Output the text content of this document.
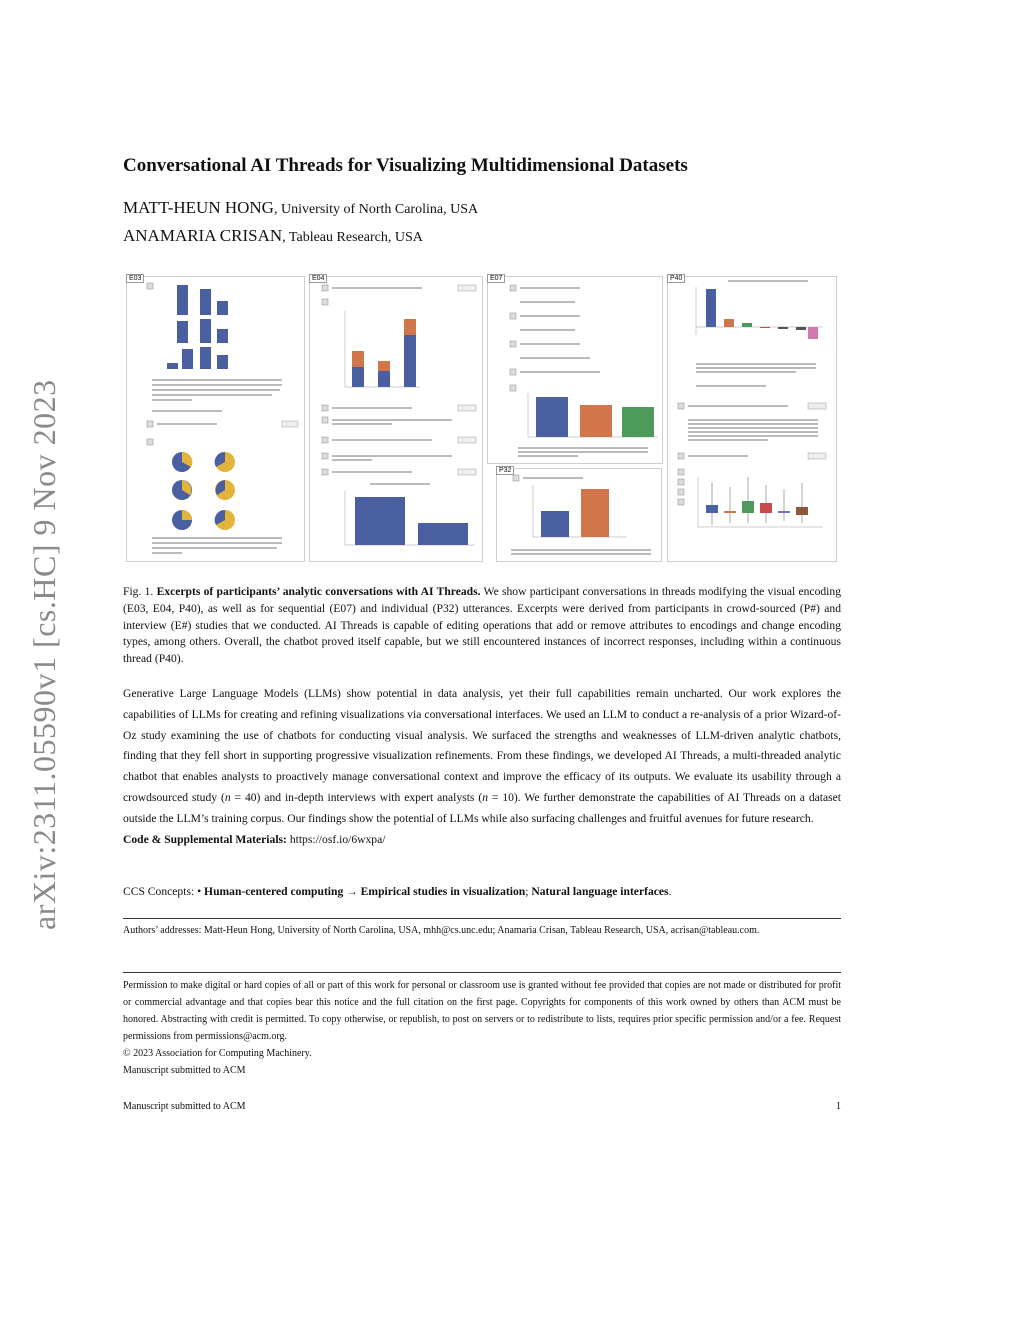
arXiv:2311.05590v1 [cs.HC] 9 Nov 2023
Conversational AI Threads for Visualizing Multidimensional Datasets
MATT-HEUN HONG, University of North Carolina, USA
ANAMARIA CRISAN, Tableau Research, USA
E03	E04	E07
P32
P40
Fig. 1. Excerpts of participants’ analytic conversations with AI Threads. We show participant conversations in threads modifying the visual encoding (E03, E04, P40), as well as for sequential (E07) and individual (P32) utterances. Excerpts were derived from participants in crowd-sourced (P#) and interview (E#) studies that we conducted. AI Threads is capable of editing operations that add or remove attributes to encodings and change encoding types, among others. Overall, the chatbot proved itself capable, but we still encountered instances of incorrect responses, including within a continuous thread (P40).
Generative Large Language Models (LLMs) show potential in data analysis, yet their full capabilities remain uncharted. Our work explores the capabilities of LLMs for creating and refining visualizations via conversational interfaces. We used an LLM to conduct a re-analysis of a prior Wizard-of-Oz study examining the use of chatbots for conducting visual analysis. We surfaced the strengths and weaknesses of LLM-driven analytic chatbots, finding that they fell short in supporting progressive visualization refinements. From these findings, we developed AI Threads, a multi-threaded analytic chatbot that enables analysts to proactively manage conversational context and improve the efficacy of its outputs. We evaluate its usability through a crowdsourced study (n = 40) and in-depth interviews with expert analysts (n = 10). We further demonstrate the capabilities of AI Threads on a dataset outside the LLM’s training corpus. Our findings show the potential of LLMs while also surfacing challenges and fruitful avenues for future research.
Code & Supplemental Materials: https://osf.io/6wxpa/
CCS Concepts: • Human-centered computing → Empirical studies in visualization; Natural language interfaces.
Authors’ addresses: Matt-Heun Hong, University of North Carolina, USA, mhh@cs.unc.edu; Anamaria Crisan, Tableau Research, USA, acrisan@tableau.com.
Permission to make digital or hard copies of all or part of this work for personal or classroom use is granted without fee provided that copies are not made or distributed for profit or commercial advantage and that copies bear this notice and the full citation on the first page. Copyrights for components of this work owned by others than ACM must be honored. Abstracting with credit is permitted. To copy otherwise, or republish, to post on servers or to redistribute to lists, requires prior specific permission and/or a fee. Request permissions from permissions@acm.org.
© 2023 Association for Computing Machinery.
Manuscript submitted to ACM
Manuscript submitted to ACM	1
